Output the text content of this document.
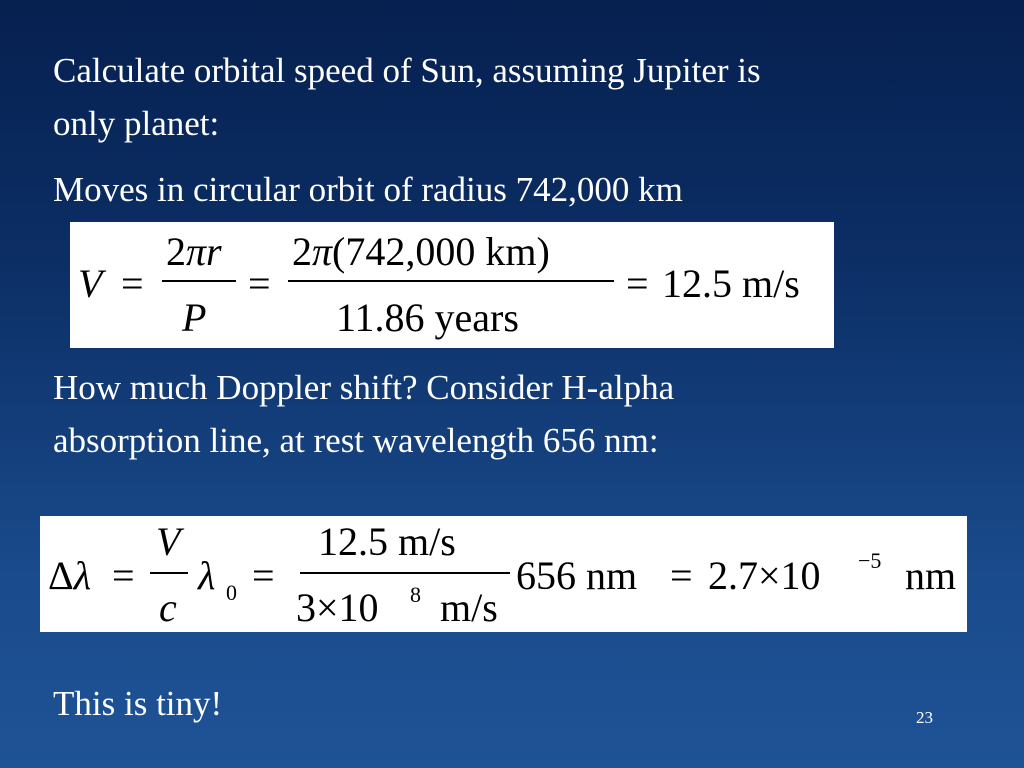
Calculate orbital speed of Sun, assuming Jupiter is
only planet:

Moves in circular orbit of radius 742,000 km

V =
2πr
P
=
2π(742,000 km)
11.86 years
= 12.5 m/s

How much Doppler shift? Consider H-alpha
absorption line, at rest wavelength 656 nm:

Δλ =
V
c
λ 0 =
12.5 m/s
3×10 8 m/s
656 nm = 2.7×10 −5 nm

This is tiny!	23
